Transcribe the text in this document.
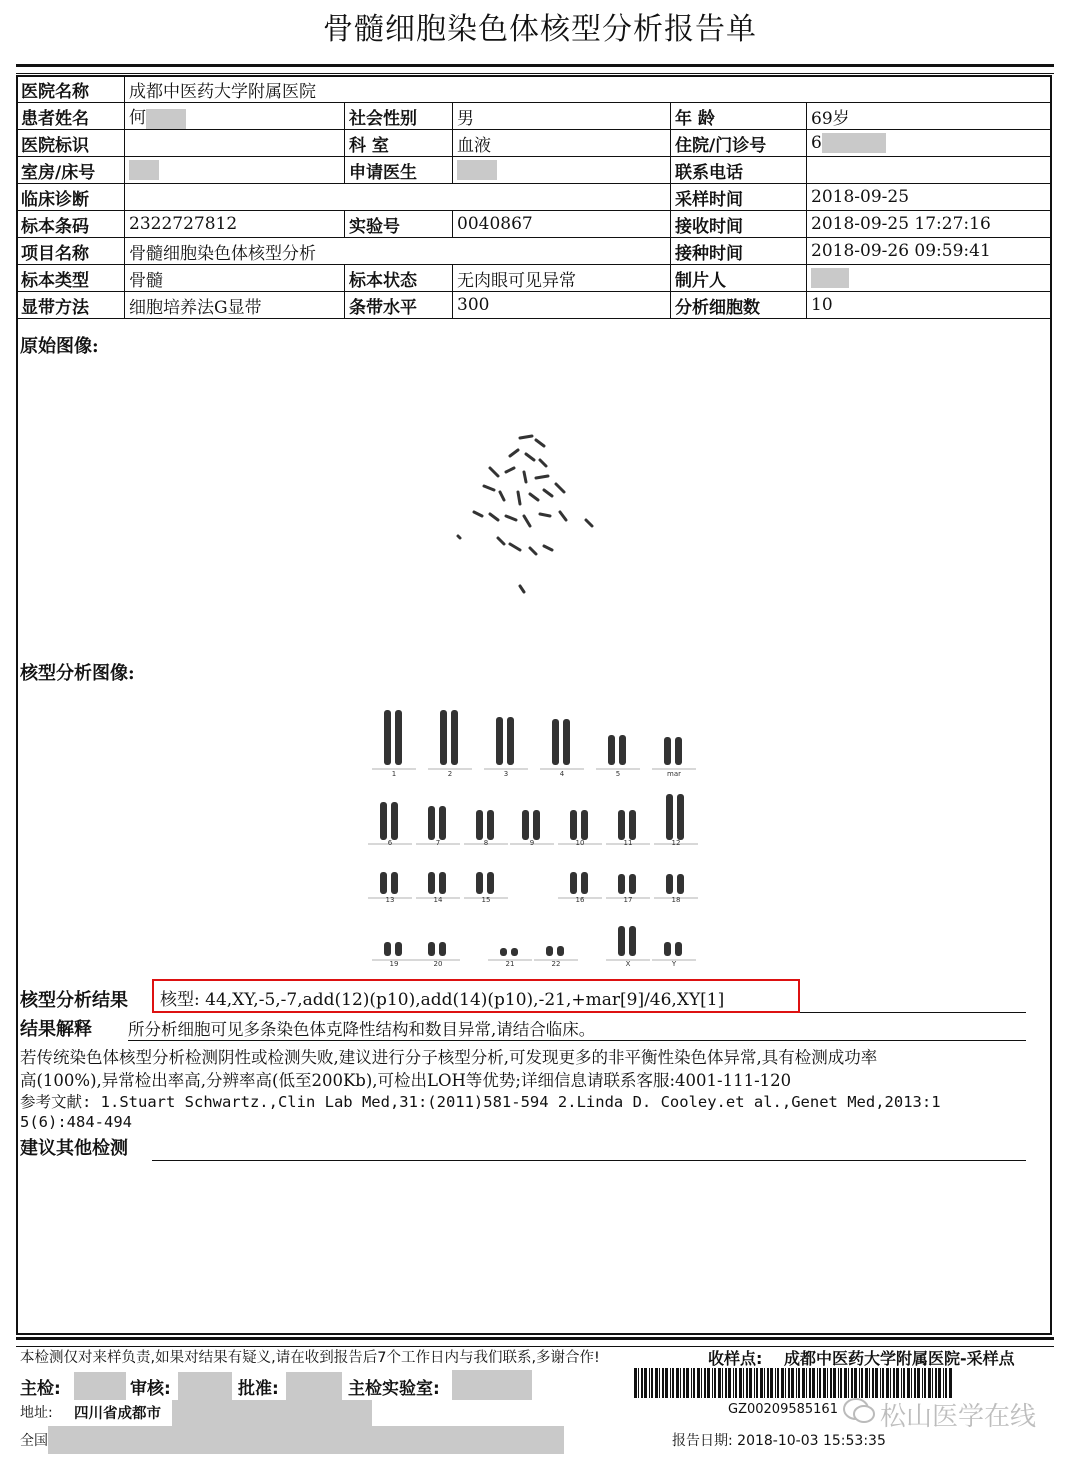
骨髓细胞染色体核型分析报告单
医院名称	成都中医药大学附属医院				
患者姓名	何	社会性别	男	年 龄	69岁
医院标识		科 室	血液	住院/门诊号	6
室房/床号		申请医生		联系电话	
临床诊断				采样时间	2018-09-25
标本条码	2322727812	实验号	0040867	接收时间	2018-09-25 17:27:16
项目名称	骨髓细胞染色体核型分析			接种时间	2018-09-26 09:59:41
标本类型	骨髓	标本状态	无肉眼可见异常	制片人	
显带方法	细胞培养法G显带	条带水平	300	分析细胞数	10
原始图像:
核型分析图像:
1	2	3	4	5	mar
6	7	8	9	10	11	12
13	14	15	16	17	18
19	20	21	22	X	Y
核型分析结果	核型: 44,XY,-5,-7,add(12)(p10),add(14)(p10),-21,+mar[9]/46,XY[1]
结果解释 所分析细胞可见多条染色体克降性结构和数目异常,请结合临床。
若传统染色体核型分析检测阴性或检测失败,建议进行分子核型分析,可发现更多的非平衡性染色体异常,具有检测成功率
高(100%),异常检出率高,分辨率高(低至200Kb),可检出LOH等优势;详细信息请联系客服:4001-111-120
参考文献: 1.Stuart Schwartz.,Clin Lab Med,31:(2011)581-594 2.Linda D. Cooley.et al.,Genet Med,2013:1
5(6):484-494
建议其他检测
本检测仅对来样负责,如果对结果有疑义,请在收到报告后7个工作日内与我们联系,多谢合作!	收样点: 成都中医药大学附属医院-采样点
主检:	审核:	批准:	主检实验室:
地址: 四川省成都市
全国
GZ00209585161
报告日期: 2018-10-03 15:53:35
松山医学在线
